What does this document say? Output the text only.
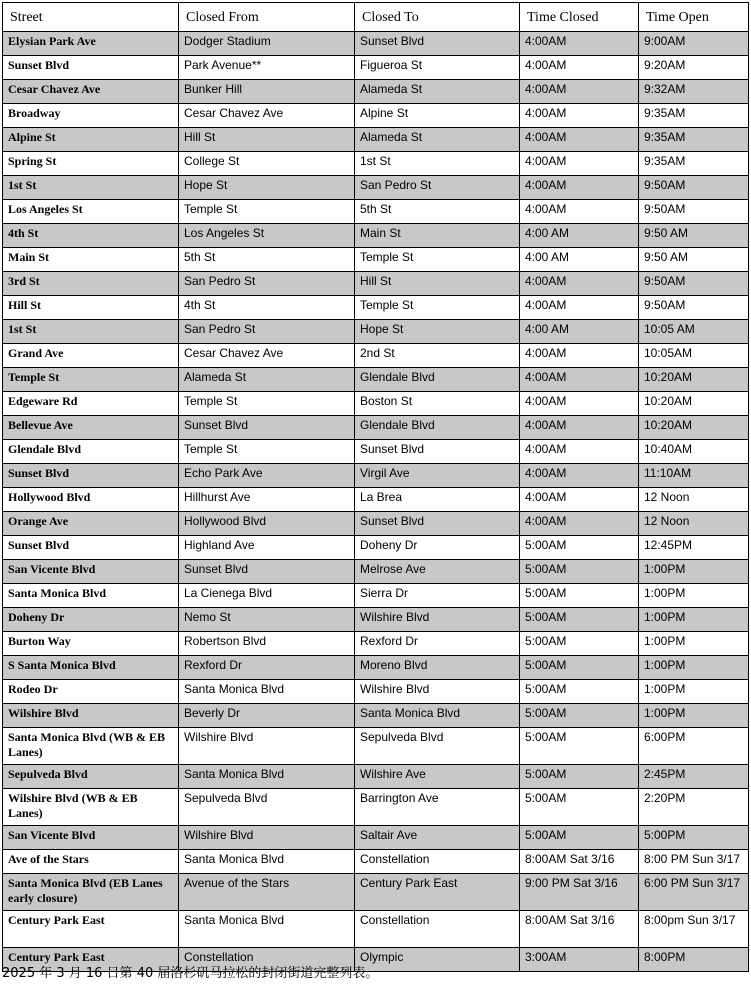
Street	Closed From	Closed To	Time Closed	Time Open
Elysian Park Ave	Dodger Stadium	Sunset Blvd	4:00AM	9:00AM
Sunset Blvd	Park Avenue**	Figueroa St	4:00AM	9:20AM
Cesar Chavez Ave	Bunker Hill	Alameda St	4:00AM	9:32AM
Broadway	Cesar Chavez Ave	Alpine St	4:00AM	9:35AM
Alpine St	Hill St	Alameda St	4:00AM	9:35AM
Spring St	College St	1st St	4:00AM	9:35AM
1st St	Hope St	San Pedro St	4:00AM	9:50AM
Los Angeles St	Temple St	5th St	4:00AM	9:50AM
4th St	Los Angeles St	Main St	4:00 AM	9:50 AM
Main St	5th St	Temple St	4:00 AM	9:50 AM
3rd St	San Pedro St	Hill St	4:00AM	9:50AM
Hill St	4th St	Temple St	4:00AM	9:50AM
1st St	San Pedro St	Hope St	4:00 AM	10:05 AM
Grand Ave	Cesar Chavez Ave	2nd St	4:00AM	10:05AM
Temple St	Alameda St	Glendale Blvd	4:00AM	10:20AM
Edgeware Rd	Temple St	Boston St	4:00AM	10:20AM
Bellevue Ave	Sunset Blvd	Glendale Blvd	4:00AM	10:20AM
Glendale Blvd	Temple St	Sunset Blvd	4:00AM	10:40AM
Sunset Blvd	Echo Park Ave	Virgil Ave	4:00AM	11:10AM
Hollywood Blvd	Hillhurst Ave	La Brea	4:00AM	12 Noon
Orange Ave	Hollywood Blvd	Sunset Blvd	4:00AM	12 Noon
Sunset Blvd	Highland Ave	Doheny Dr	5:00AM	12:45PM
San Vicente Blvd	Sunset Blvd	Melrose Ave	5:00AM	1:00PM
Santa Monica Blvd	La Cienega Blvd	Sierra Dr	5:00AM	1:00PM
Doheny Dr	Nemo St	Wilshire Blvd	5:00AM	1:00PM
Burton Way	Robertson Blvd	Rexford Dr	5:00AM	1:00PM
S Santa Monica Blvd	Rexford Dr	Moreno Blvd	5:00AM	1:00PM
Rodeo Dr	Santa Monica Blvd	Wilshire Blvd	5:00AM	1:00PM
Wilshire Blvd	Beverly Dr	Santa Monica Blvd	5:00AM	1:00PM
Santa Monica Blvd (WB & EB Lanes)	Wilshire Blvd	Sepulveda Blvd	5:00AM	6:00PM
Sepulveda Blvd	Santa Monica Blvd	Wilshire Ave	5:00AM	2:45PM
Wilshire Blvd (WB & EB Lanes)	Sepulveda Blvd	Barrington Ave	5:00AM	2:20PM
San Vicente Blvd	Wilshire Blvd	Saltair Ave	5:00AM	5:00PM
Ave of the Stars	Santa Monica Blvd	Constellation	8:00AM Sat 3/16	8:00 PM Sun 3/17
Santa Monica Blvd (EB Lanes early closure)	Avenue of the Stars	Century Park East	9:00 PM Sat 3/16	6:00 PM Sun 3/17
Century Park East	Santa Monica Blvd	Constellation	8:00AM Sat 3/16	8:00pm Sun 3/17
Century Park East	Constellation	Olympic	3:00AM	8:00PM
2025 年 3 月 16 日第 40 届洛杉矶马拉松的封闭街道完整列表。
